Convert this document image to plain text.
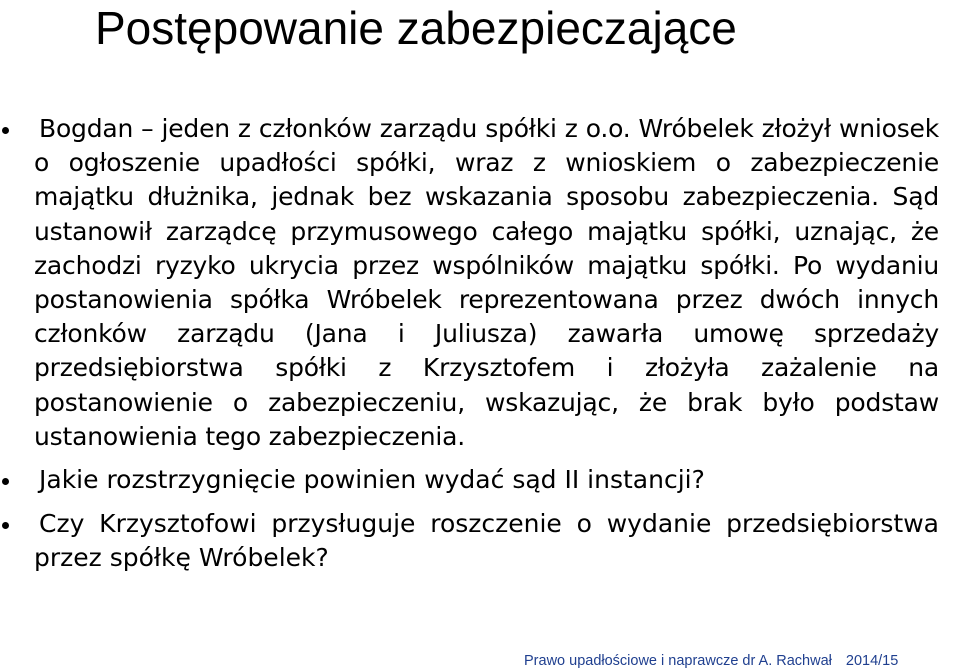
Postępowanie zabezpieczające
Bogdan – jeden z członków zarządu spółki z o.o. Wróbelek złożył wniosek o ogłoszenie upadłości spółki, wraz z wnioskiem o zabezpieczenie majątku dłużnika, jednak bez wskazania sposobu zabezpieczenia. Sąd ustanowił zarządcę przymusowego całego majątku spółki, uznając, że zachodzi ryzyko ukrycia przez wspólników majątku spółki. Po wydaniu postanowienia spółka Wróbelek reprezentowana przez dwóch innych członków zarządu (Jana i Juliusza) zawarła umowę sprzedaży przedsiębiorstwa spółki z Krzysztofem i złożyła zażalenie na postanowienie o zabezpieczeniu, wskazując, że brak było podstaw ustanowienia tego zabezpieczenia.
Jakie rozstrzygnięcie powinien wydać sąd II instancji?
Czy Krzysztofowi przysługuje roszczenie o wydanie przedsiębiorstwa przez spółkę Wróbelek?
Prawo upadłościowe i naprawcze dr A. Rachwał 2014/15
